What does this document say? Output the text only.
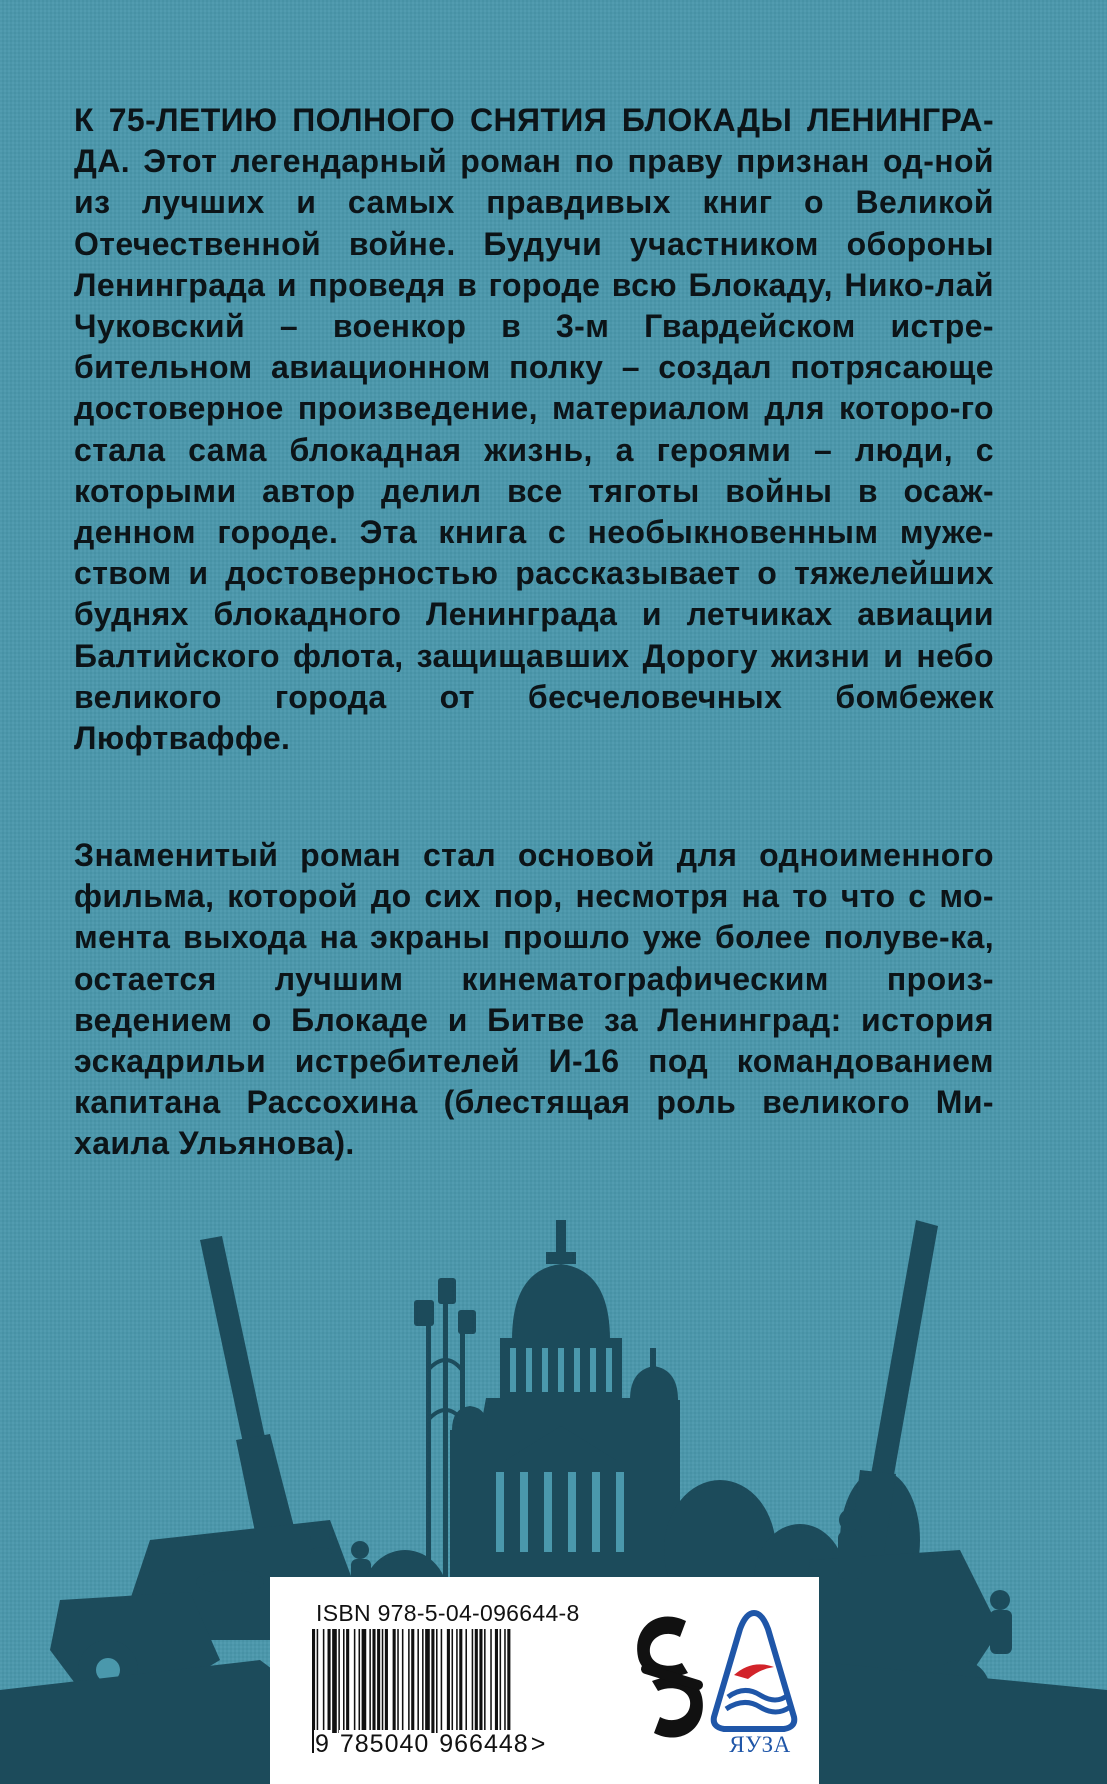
К 75-ЛЕТИЮ ПОЛНОГО СНЯТИЯ БЛОКАДЫ ЛЕНИНГРА-ДА. Этот легендарный роман по праву признан од-ной из лучших и самых правдивых книг о Великой Отечественной войне. Будучи участником обороны Ленинграда и проведя в городе всю Блокаду, Нико-лай Чуковский – военкор в 3-м Гвардейском истре-бительном авиационном полку – создал потрясающе достоверное произведение, материалом для которо-го стала сама блокадная жизнь, а героями – люди, с которыми автор делил все тяготы войны в осаж-денном городе. Эта книга с необыкновенным муже-ством и достоверностью рассказывает о тяжелейших буднях блокадного Ленинграда и летчиках авиации Балтийского флота, защищавших Дорогу жизни и небо великого города от бесчеловечных бомбежек Люфтваффе.

Знаменитый роман стал основой для одноименного фильма, которой до сих пор, несмотря на то что с мо-мента выхода на экраны прошло уже более полуве-ка, остается лучшим кинематографическим произ-ведением о Блокаде и Битве за Ленинград: история эскадрильи истребителей И-16 под командованием капитана Рассохина (блестящая роль великого Ми-хаила Ульянова).

ISBN 978-5-04-096644-8
9 785040 966448>	ЯУЗА
